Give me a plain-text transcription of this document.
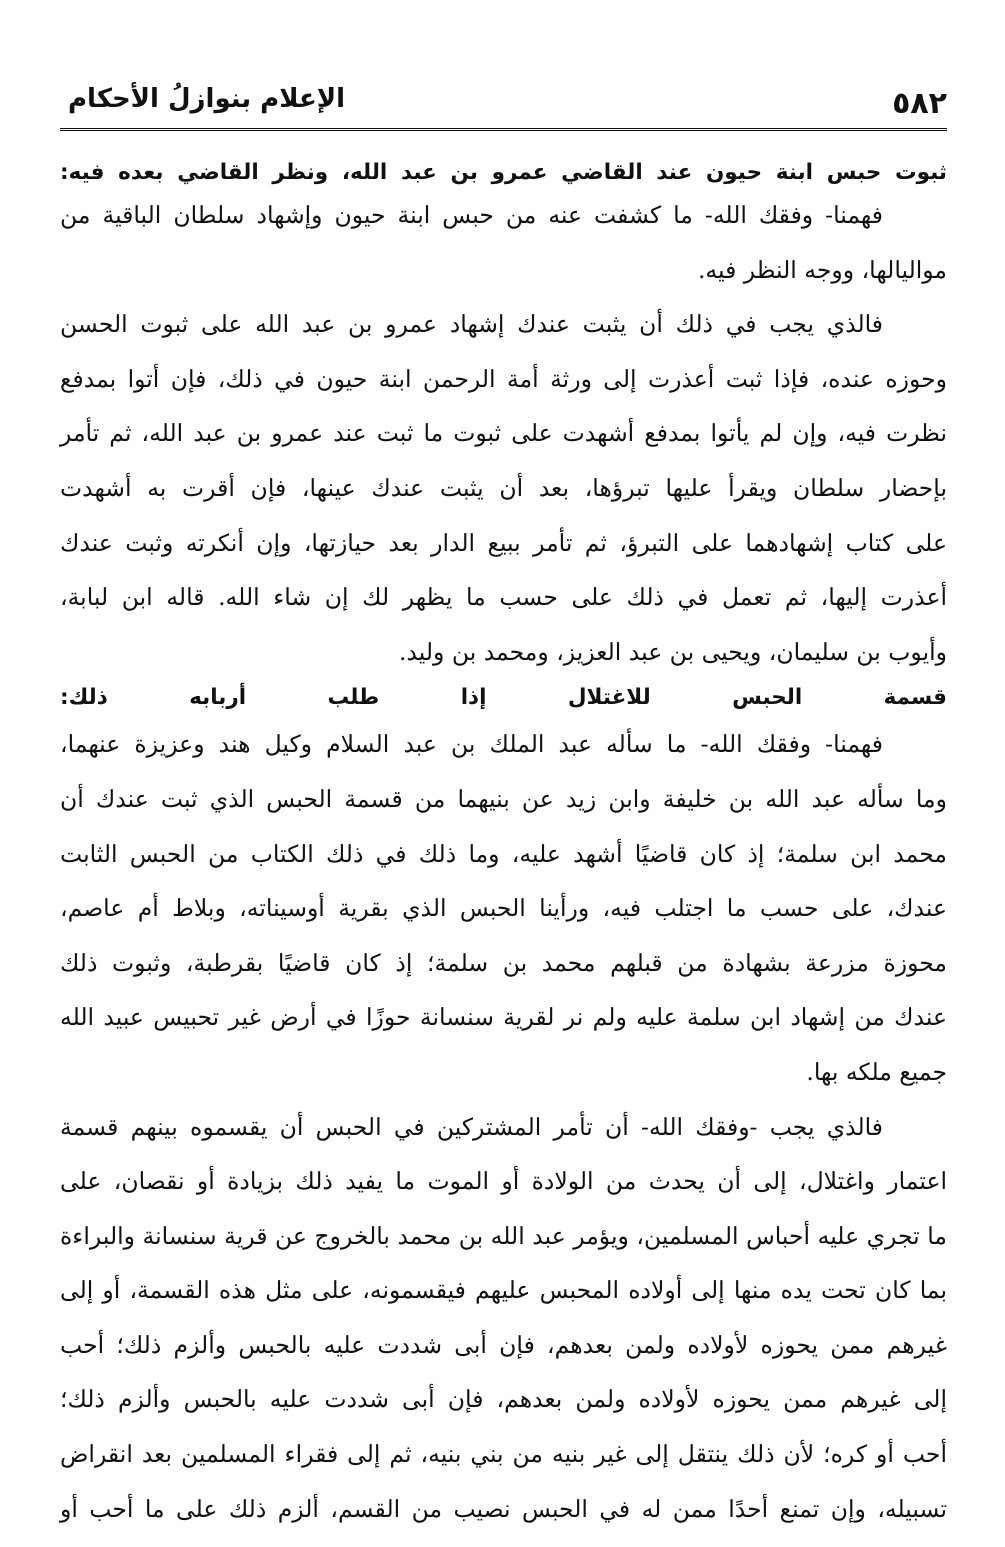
٥٨٢
الإعلام بنوازلُ الأحكام
ثبوت حبس ابنة حيون عند القاضي عمرو بن عبد الله، ونظر القاضي بعده فيه:
فهمنا- وفقك الله- ما كشفت عنه من حبس ابنة حيون وإشهاد سلطان الباقية من
مواليالها، ووجه النظر فيه.
فالذي يجب في ذلك أن يثبت عندك إشهاد عمرو بن عبد الله على ثبوت الحسن
وحوزه عنده، فإذا ثبت أعذرت إلى ورثة أمة الرحمن ابنة حيون في ذلك، فإن أتوا بمدفع
نظرت فيه، وإن لم يأتوا بمدفع أشهدت على ثبوت ما ثبت عند عمرو بن عبد الله، ثم تأمر
بإحضار سلطان ويقرأ عليها تبرؤها، بعد أن يثبت عندك عينها، فإن أقرت به أشهدت
على كتاب إشهادهما على التبرؤ، ثم تأمر ببيع الدار بعد حيازتها، وإن أنكرته وثبت عندك
أعذرت إليها، ثم تعمل في ذلك على حسب ما يظهر لك إن شاء الله. قاله ابن لبابة،
وأيوب بن سليمان، ويحيى بن عبد العزيز، ومحمد بن وليد.
قسمة الحبس للاغتلال إذا طلب أربابه ذلك:
فهمنا- وفقك الله- ما سأله عبد الملك بن عبد السلام وكيل هند وعزيزة عنهما،
وما سأله عبد الله بن خليفة وابن زيد عن بنيهما من قسمة الحبس الذي ثبت عندك أن
محمد ابن سلمة؛ إذ كان قاضيًا أشهد عليه، وما ذلك في ذلك الكتاب من الحبس الثابت
عندك، على حسب ما اجتلب فيه، ورأينا الحبس الذي بقرية أوسيناته، وبلاط أم عاصم،
محوزة مزرعة بشهادة من قبلهم محمد بن سلمة؛ إذ كان قاضيًا بقرطبة، وثبوت ذلك
عندك من إشهاد ابن سلمة عليه ولم نر لقرية سنسانة حوزًا في أرض غير تحبيس عبيد الله
جميع ملكه بها.
فالذي يجب -وفقك الله- أن تأمر المشتركين في الحبس أن يقسموه بينهم قسمة
اعتمار واغتلال، إلى أن يحدث من الولادة أو الموت ما يفيد ذلك بزيادة أو نقصان، على
ما تجري عليه أحباس المسلمين، ويؤمر عبد الله بن محمد بالخروج عن قرية سنسانة والبراءة
بما كان تحت يده منها إلى أولاده المحبس عليهم فيقسمونه، على مثل هذه القسمة، أو إلى
غيرهم ممن يحوزه لأولاده ولمن بعدهم، فإن أبى شددت عليه بالحبس وألزم ذلك؛ أحب
إلى غيرهم ممن يحوزه لأولاده ولمن بعدهم، فإن أبى شددت عليه بالحبس وألزم ذلك؛
أحب أو كره؛ لأن ذلك ينتقل إلى غير بنيه من بني بنيه، ثم إلى فقراء المسلمين بعد انقراض
تسبيله، وإن تمنع أحدًا ممن له في الحبس نصيب من القسم، ألزم ذلك على ما أحب أو
